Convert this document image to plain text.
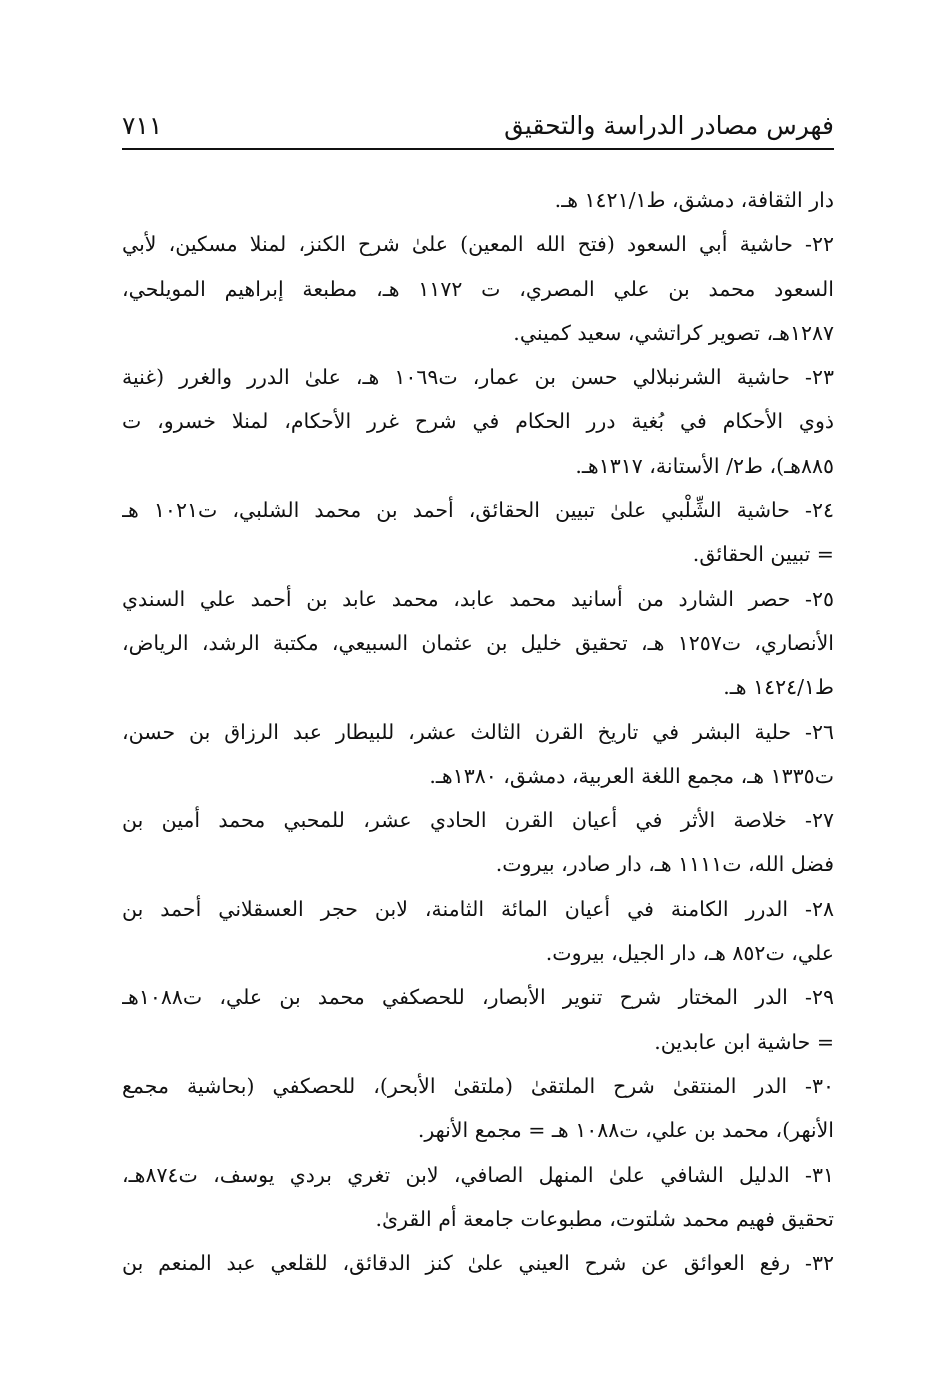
فهرس مصادر الدراسة والتحقيق
٧١١
دار الثقافة، دمشق، ط١٤٢١/١ هـ.
٢٢- حاشية أبي السعود (فتح الله المعين) علىٰ شرح الكنز، لمنلا مسكين، لأبي
السعود محمد بن علي المصري، ت ١١٧٢ هـ، مطبعة إبراهيم المويلحي،
١٢٨٧هـ، تصوير كراتشي، سعيد كميني.
٢٣- حاشية الشرنبلالي حسن بن عمار، ت١٠٦٩ هـ، علىٰ الدرر والغرر (غنية
ذوي الأحكام في بُغية درر الحكام في شرح غرر الأحكام، لمنلا خسرو، ت
٨٨٥هـ)، ط٢/ الأستانة، ١٣١٧هـ.
٢٤- حاشية الشِّلْبي علىٰ تبيين الحقائق، أحمد بن محمد الشلبي، ت١٠٢١ هـ
= تبيين الحقائق.
٢٥- حصر الشارد من أسانيد محمد عابد، محمد عابد بن أحمد علي السندي
الأنصاري، ت١٢٥٧ هـ، تحقيق خليل بن عثمان السبيعي، مكتبة الرشد، الرياض،
ط١٤٢٤/١ هـ.
٢٦- حلية البشر في تاريخ القرن الثالث عشر، للبيطار عبد الرزاق بن حسن،
ت١٣٣٥ هـ، مجمع اللغة العربية، دمشق، ١٣٨٠هـ.
٢٧- خلاصة الأثر في أعيان القرن الحادي عشر، للمحبي محمد أمين بن
فضل الله، ت١١١١ هـ، دار صادر، بيروت.
٢٨- الدرر الكامنة في أعيان المائة الثامنة، لابن حجر العسقلاني أحمد بن
علي، ت٨٥٢ هـ، دار الجيل، بيروت.
٢٩- الدر المختار شرح تنوير الأبصار، للحصكفي محمد بن علي، ت١٠٨٨هـ
= حاشية ابن عابدين.
٣٠- الدر المنتقىٰ شرح الملتقىٰ (ملتقىٰ الأبحر)، للحصكفي (بحاشية مجمع
الأنهر)، محمد بن علي، ت١٠٨٨ هـ = مجمع الأنهر.
٣١- الدليل الشافي علىٰ المنهل الصافي، لابن تغري بردي يوسف، ت٨٧٤هـ،
تحقيق فهيم محمد شلتوت، مطبوعات جامعة أم القرىٰ.
٣٢- رفع العوائق عن شرح العيني علىٰ كنز الدقائق، للقلعي عبد المنعم بن
